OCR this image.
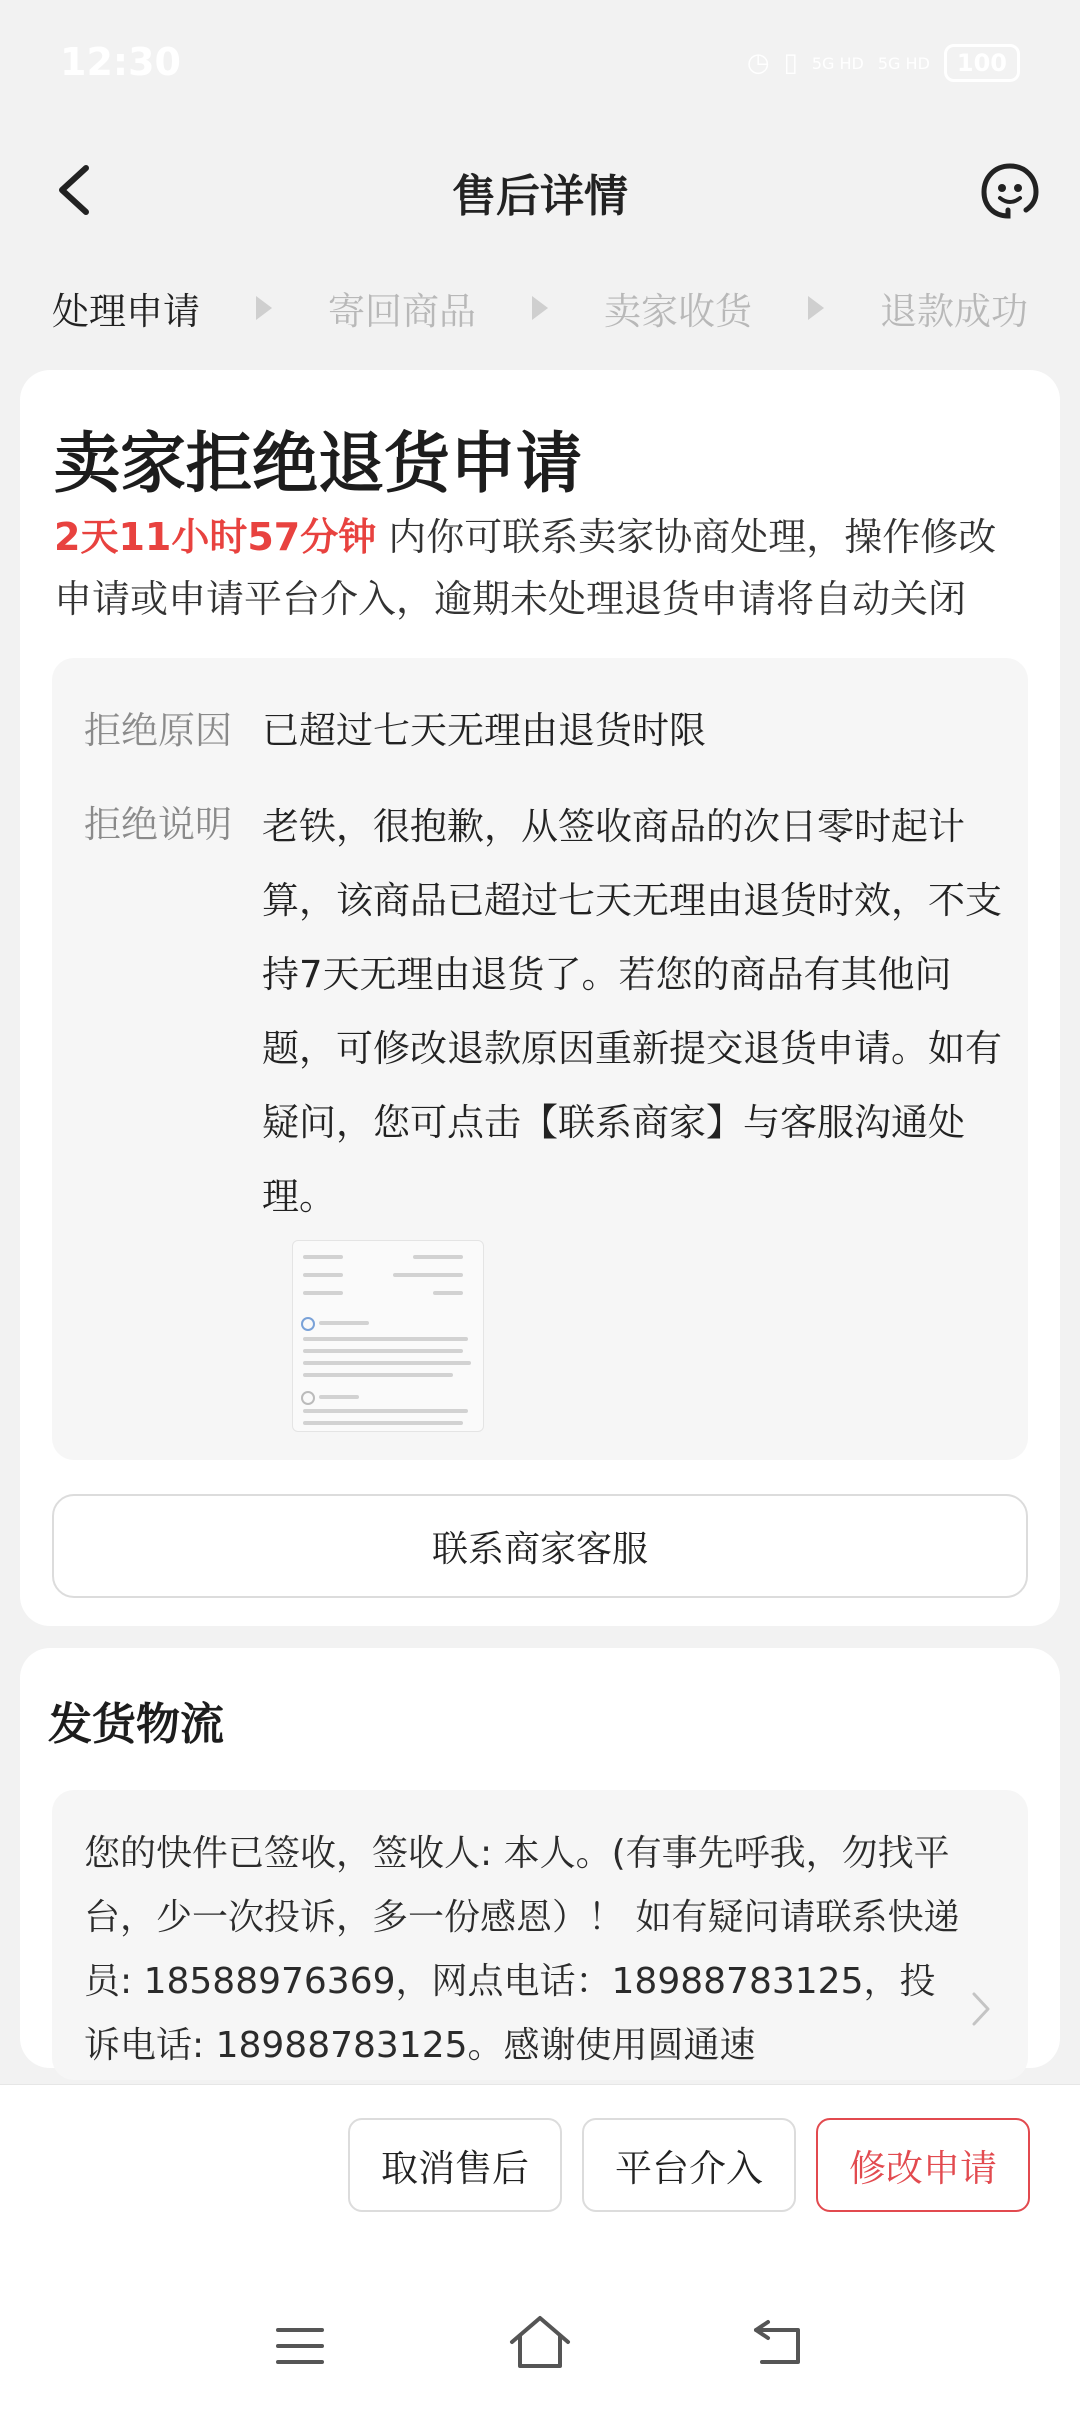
12:30	◷ ▯ 5G HD 5G HD	100
售后详情
处理申请	寄回商品	卖家收货	退款成功
卖家拒绝退货申请
2天11小时57分钟 内你可联系卖家协商处理，操作修改申请或申请平台介入，逾期未处理退货申请将自动关闭
拒绝原因 已超过七天无理由退货时限
拒绝说明 老铁，很抱歉，从签收商品的次日零时起计算，该商品已超过七天无理由退货时效，不支持7天无理由退货了。若您的商品有其他问题，可修改退款原因重新提交退货申请。如有疑问，您可点击【联系商家】与客服沟通处理。
联系商家客服
发货物流
您的快件已签收，签收人: 本人。(有事先呼我，勿找平台，少一次投诉，多一份感恩）！ 如有疑问请联系快递员: 18588976369，网点电话：18988783125，投诉电话: 18988783125。感谢使用圆通速
取消售后	平台介入	修改申请
